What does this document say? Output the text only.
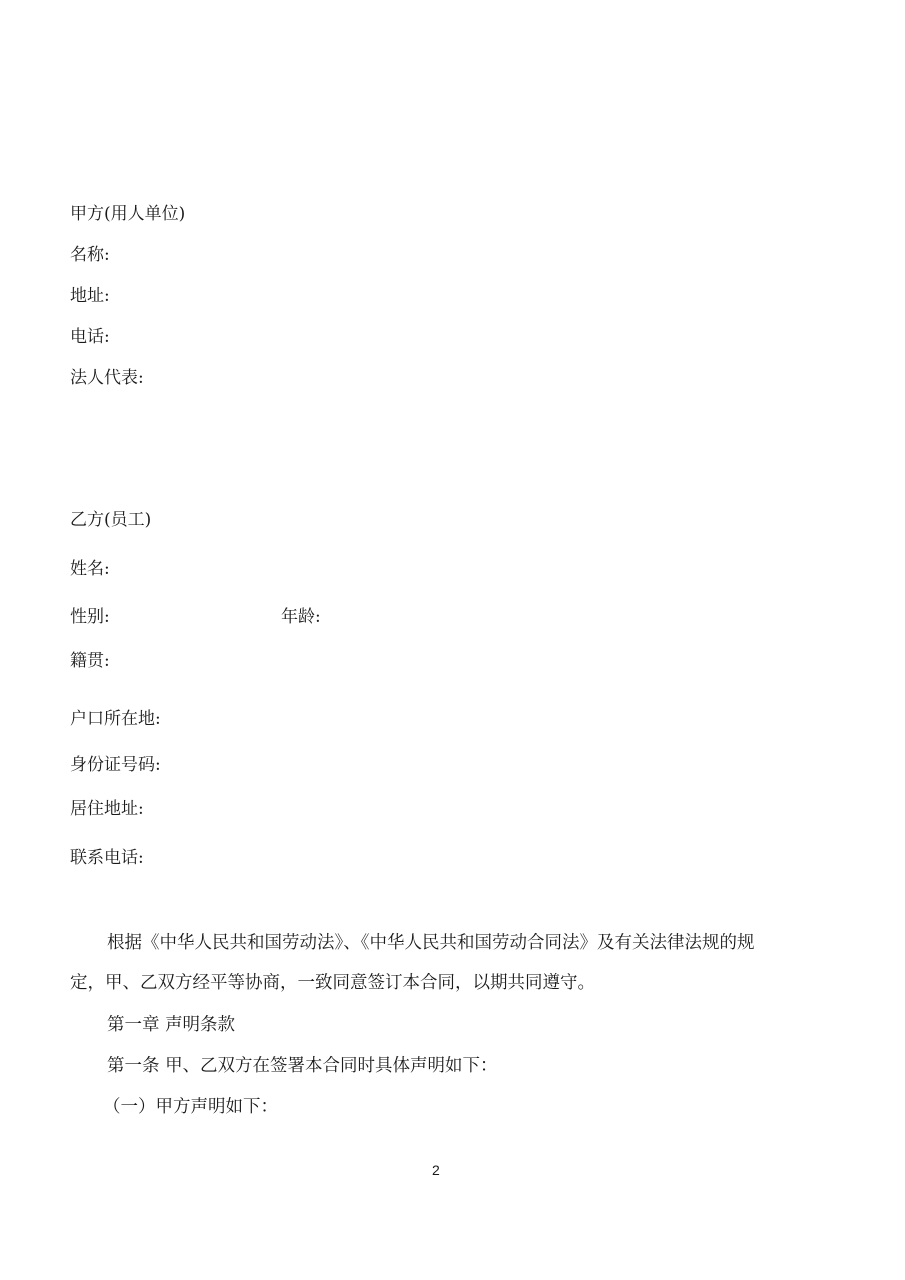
甲方(用人单位)
名称:
地址:
电话:
法人代表:
乙方(员工)
姓名:
性别:	年龄:
籍贯:
户口所在地:
身份证号码:
居住地址:
联系电话:
根据《中华人民共和国劳动法》、《中华人民共和国劳动合同法》及有关法律法规的规
定，甲、乙双方经平等协商，一致同意签订本合同，以期共同遵守。
第一章 声明条款
第一条 甲、乙双方在签署本合同时具体声明如下：
（一）甲方声明如下：
2
